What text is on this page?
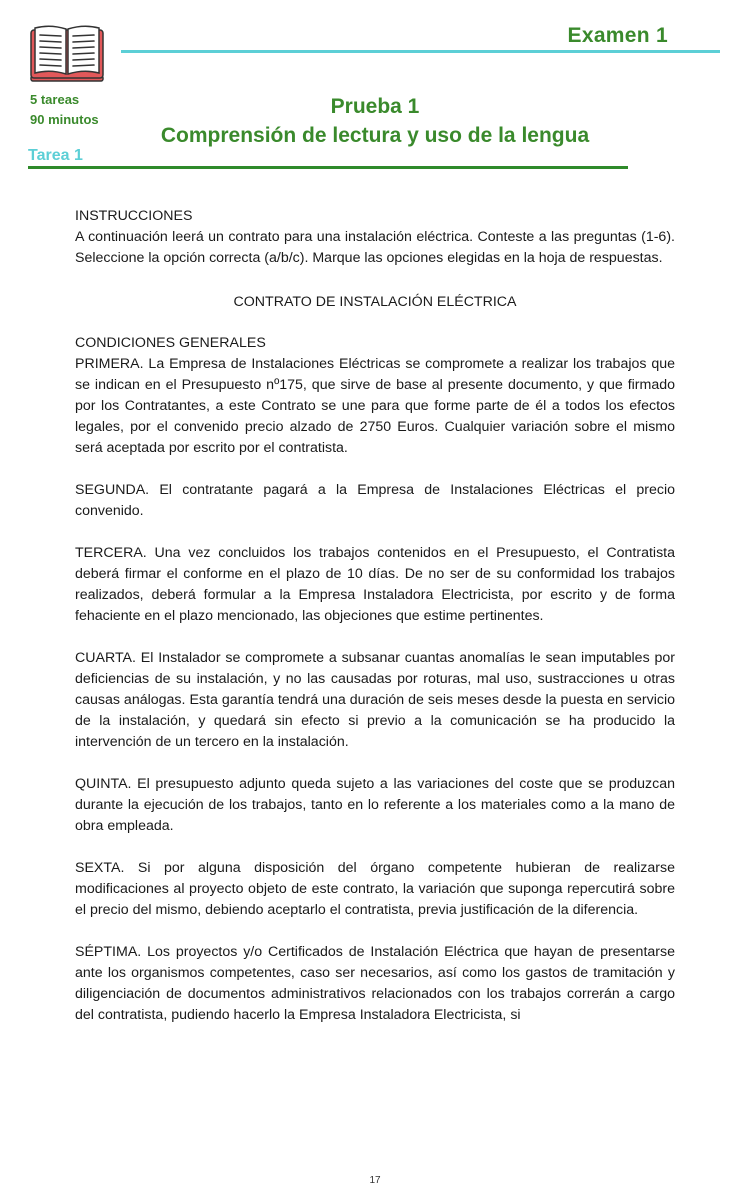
Examen 1
5 tareas
90 minutos
Prueba 1
Comprensión de lectura y uso de la lengua
Tarea 1

INSTRUCCIONES

A continuación leerá un contrato para una instalación eléctrica. Conteste a las preguntas (1-6). Seleccione la opción correcta (a/b/c). Marque las opciones elegidas en la hoja de respuestas.

CONTRATO DE INSTALACIÓN ELÉCTRICA

CONDICIONES GENERALES

PRIMERA. La Empresa de Instalaciones Eléctricas se compromete a realizar los trabajos que se indican en el Presupuesto nº175, que sirve de base al presente documento, y que firmado por los Contratantes, a este Contrato se une para que forme parte de él a todos los efectos legales, por el convenido precio alzado de 2750 Euros. Cualquier variación sobre el mismo será aceptada por escrito por el contratista.

SEGUNDA. El contratante pagará a la Empresa de Instalaciones Eléctricas el precio convenido.

TERCERA. Una vez concluidos los trabajos contenidos en el Presupuesto, el Contratista deberá firmar el conforme en el plazo de 10 días. De no ser de su conformidad los trabajos realizados, deberá formular a la Empresa Instaladora Electricista, por escrito y de forma fehaciente en el plazo mencionado, las objeciones que estime pertinentes.

CUARTA. El Instalador se compromete a subsanar cuantas anomalías le sean imputables por deficiencias de su instalación, y no las causadas por roturas, mal uso, sustracciones u otras causas análogas. Esta garantía tendrá una duración de seis meses desde la puesta en servicio de la instalación, y quedará sin efecto si previo a la comunicación se ha producido la intervención de un tercero en la instalación.

QUINTA. El presupuesto adjunto queda sujeto a las variaciones del coste que se produzcan durante la ejecución de los trabajos, tanto en lo referente a los materiales como a la mano de obra empleada.

SEXTA. Si por alguna disposición del órgano competente hubieran de realizarse modificaciones al proyecto objeto de este contrato, la variación que suponga repercutirá sobre el precio del mismo, debiendo aceptarlo el contratista, previa justificación de la diferencia.

SÉPTIMA. Los proyectos y/o Certificados de Instalación Eléctrica que hayan de presentarse ante los organismos competentes, caso ser necesarios, así como los gastos de tramitación y diligenciación de documentos administrativos relacionados con los trabajos correrán a cargo del contratista, pudiendo hacerlo la Empresa Instaladora Electricista, si

17
